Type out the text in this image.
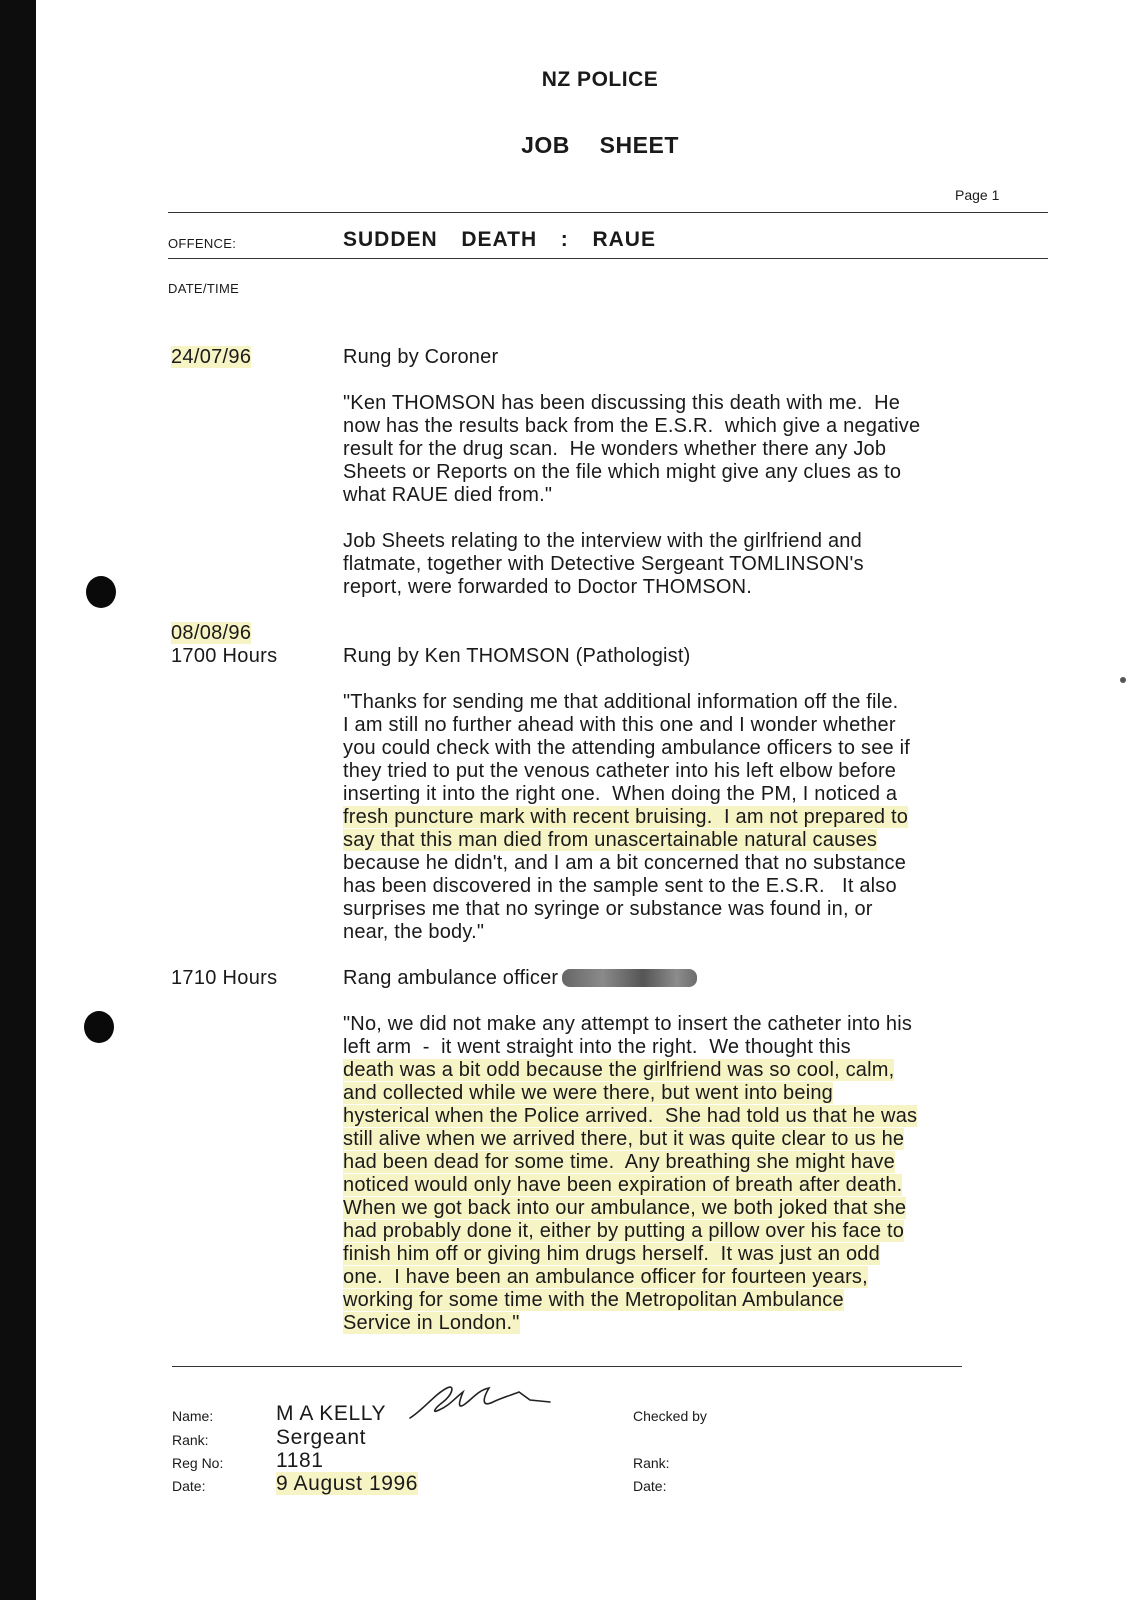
NZ POLICE
JOB  SHEET
Page 1
OFFENCE:	SUDDEN  DEATH  :  RAUE
DATE/TIME
24/07/96	Rung by Coroner

"Ken THOMSON has been discussing this death with me.  He
now has the results back from the E.S.R.  which give a negative
result for the drug scan.  He wonders whether there any Job
Sheets or Reports on the file which might give any clues as to
what RAUE died from."

Job Sheets relating to the interview with the girlfriend and
flatmate, together with Detective Sergeant TOMLINSON's
report, were forwarded to Doctor THOMSON.

08/08/96
1700 Hours	Rung by Ken THOMSON (Pathologist)

"Thanks for sending me that additional information off the file.
I am still no further ahead with this one and I wonder whether
you could check with the attending ambulance officers to see if
they tried to put the venous catheter into his left elbow before
inserting it into the right one.  When doing the PM, I noticed a
fresh puncture mark with recent bruising.  I am not prepared to
say that this man died from unascertainable natural causes
because he didn't, and I am a bit concerned that no substance
has been discovered in the sample sent to the E.S.R.   It also
surprises me that no syringe or substance was found in, or
near, the body."

1710 Hours	Rang ambulance officer

"No, we did not make any attempt to insert the catheter into his
left arm  -  it went straight into the right.  We thought this
death was a bit odd because the girlfriend was so cool, calm,
and collected while we were there, but went into being
hysterical when the Police arrived.  She had told us that he was
still alive when we arrived there, but it was quite clear to us he
had been dead for some time.  Any breathing she might have
noticed would only have been expiration of breath after death.
When we got back into our ambulance, we both joked that she
had probably done it, either by putting a pillow over his face to
finish him off or giving him drugs herself.  It was just an odd
one.  I have been an ambulance officer for fourteen years,
working for some time with the Metropolitan Ambulance
Service in London."

Name:	M A KELLY	Checked by
Rank:	Sergeant
Reg No:	1181	Rank:
Date:	9 August 1996	Date:
